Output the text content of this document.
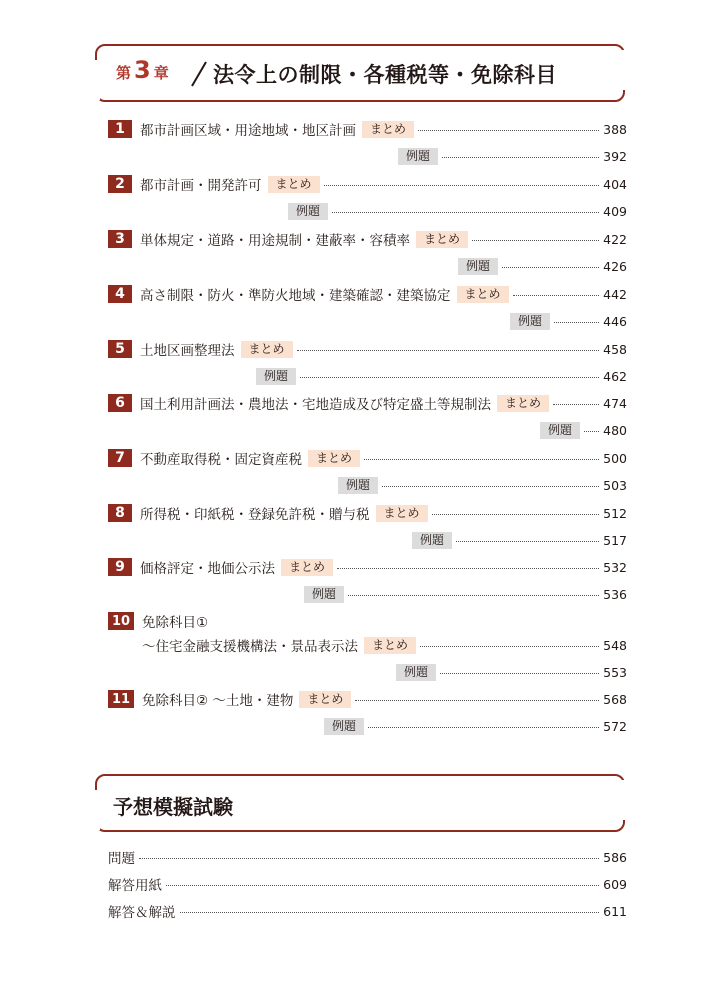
第 3 章 法令上の制限・各種税等・免除科目
1	都市計画区域・用途地域・地区計画	まとめ	388
例題	392
2	都市計画・開発許可	まとめ	404
例題	409
3	単体規定・道路・用途規制・建蔽率・容積率	まとめ	422
例題	426
4	高さ制限・防火・準防火地域・建築確認・建築協定	まとめ	442
例題	446
5	土地区画整理法	まとめ	458
例題	462
6	国土利用計画法・農地法・宅地造成及び特定盛土等規制法	まとめ	474
例題	480
7	不動産取得税・固定資産税	まとめ	500
例題	503
8	所得税・印紙税・登録免許税・贈与税	まとめ	512
例題	517
9	価格評定・地価公示法	まとめ	532
例題	536
10 免除科目①
〜住宅金融支援機構法・景品表示法	まとめ	548
例題	553
11 免除科目② 〜土地・建物	まとめ	568
例題	572
予想模擬試験
問題	586
解答用紙	609
解答＆解説	611
